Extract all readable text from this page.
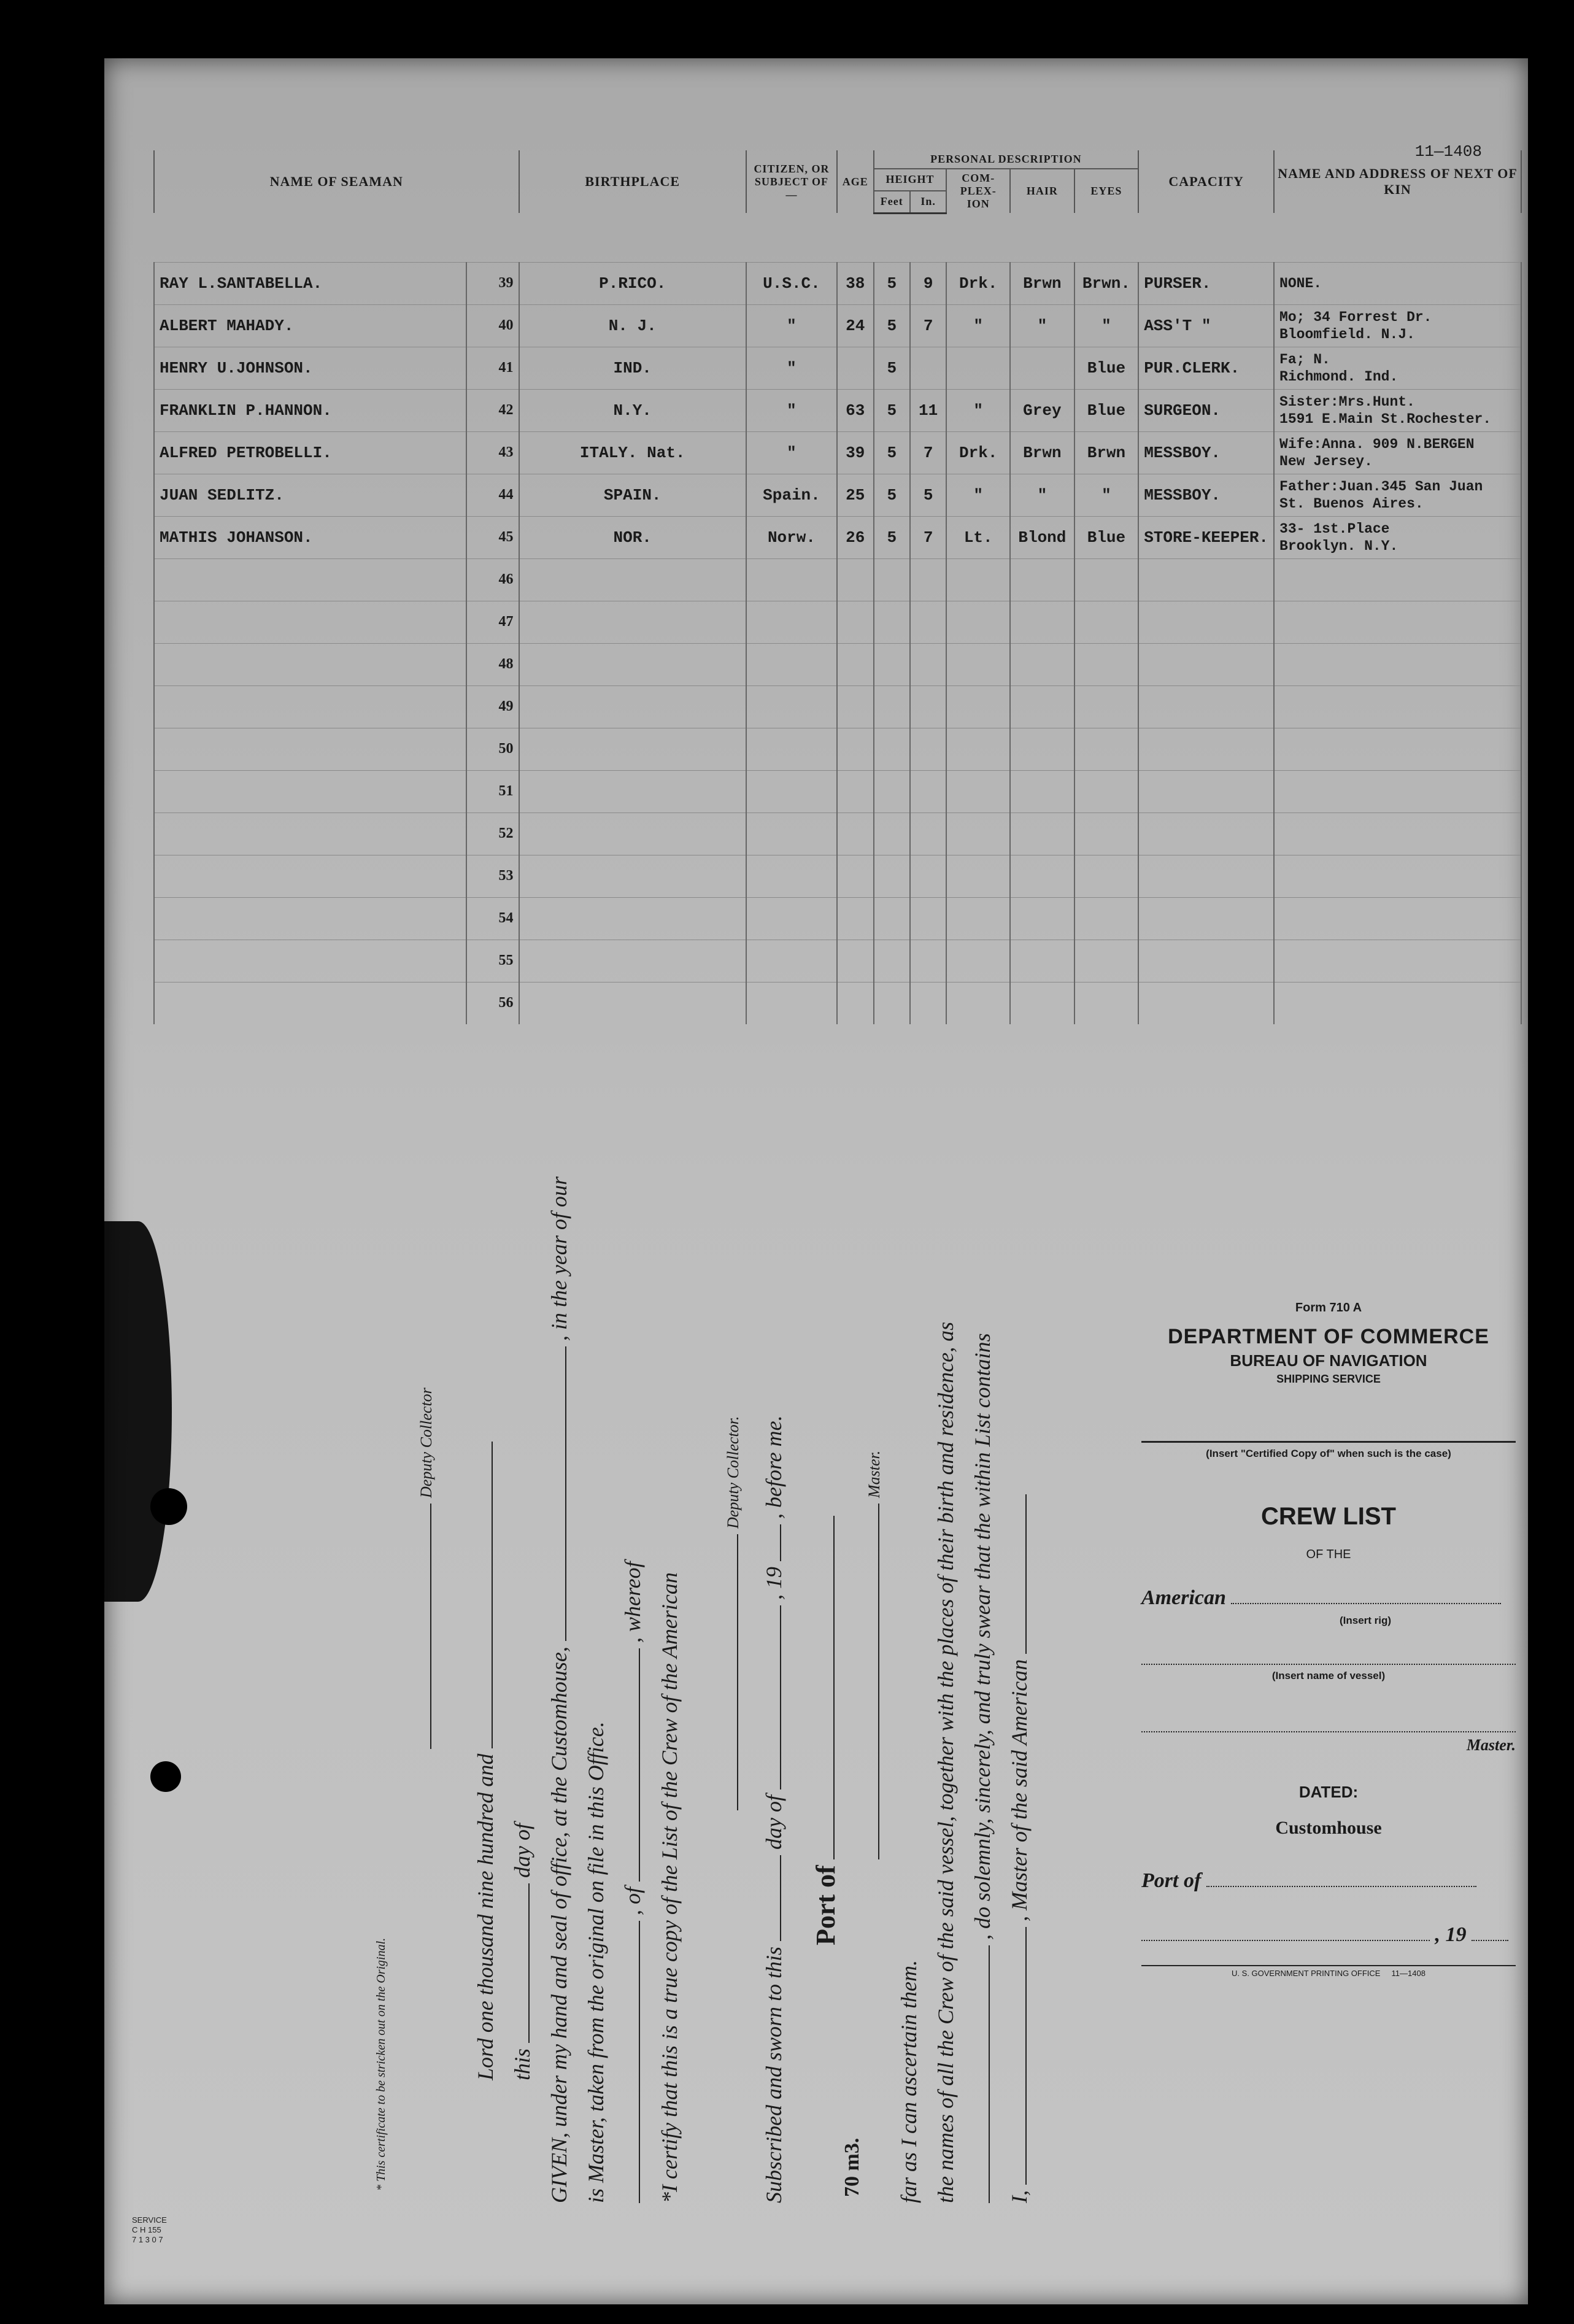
11—1408
NAME OF SEAMAN		BIRTHPLACE	CITIZEN, OR SUBJECT OF—	AGE	PERSONAL DESCRIPTION					CAPACITY	NAME AND ADDRESS OF NEXT OF KIN
					HEIGHT		COM-PLEX-ION	HAIR	EYES		
					Feet	In.					

RAY L.SANTABELLA.	39	P.RICO.	U.S.C.	38	5	9	Drk.	Brwn	Brwn.	PURSER.	NONE.

ALBERT MAHADY.	40	N. J.	"	24	5	7	"	"	"	ASS'T "	Mo; 34 Forrest Dr.
Bloomfield. N.J.

HENRY U.JOHNSON.	41	IND.	"		5				Blue	PUR.CLERK.	Fa; N.
Richmond. Ind.

FRANKLIN P.HANNON.	42	N.Y.	"	63	5	11	"	Grey	Blue	SURGEON.	Sister:Mrs.Hunt.
1591 E.Main St.Rochester.

ALFRED PETROBELLI.	43	ITALY. Nat.	"	39	5	7	Drk.	Brwn	Brwn	MESSBOY.	Wife:Anna. 909 N.BERGEN
New Jersey.

JUAN SEDLITZ.	44	SPAIN.	Spain.	25	5	5	"	"	"	MESSBOY.	Father:Juan.345 San Juan
St. Buenos Aires.

MATHIS JOHANSON.	45	NOR.	Norw.	26	5	7	Lt.	Blond	Blue	STORE-KEEPER.	33- 1st.Place
Brooklyn. N.Y.

	46										

	47										

	48										

	49										

	50										

	51										

	52										

	53										

	54										

	55										

	56										
I,  , Master of the said American
, do solemnly, sincerely, and truly swear that the within List contains
the names of all the Crew of the said vessel, together with the places of their birth and residence, as
far as I can ascertain them.
Master.
Port of
Subscribed and sworn to this  day of  , 19  , before me.
Deputy Collector.
*I certify that this is a true copy of the List of the Crew of the American
, of  , whereof
is Master, taken from the original on file in this Office.
GIVEN, under my hand and seal of office, at the Customhouse,  , in the year of our
this  day of
Lord one thousand nine hundred and
Deputy Collector
* This certificate to be stricken out on the Original.	70 m3.
SERVICE
C H 155
7 1 3 0 7
Form 710 A
DEPARTMENT OF COMMERCE
BUREAU OF NAVIGATION
SHIPPING SERVICE
(Insert "Certified Copy of" when such is the case)
CREW LIST
OF THE
American
(Insert rig)
(Insert name of vessel)
Master.
DATED:
Customhouse
Port of
, 19
U. S. GOVERNMENT PRINTING OFFICE 11—1408
